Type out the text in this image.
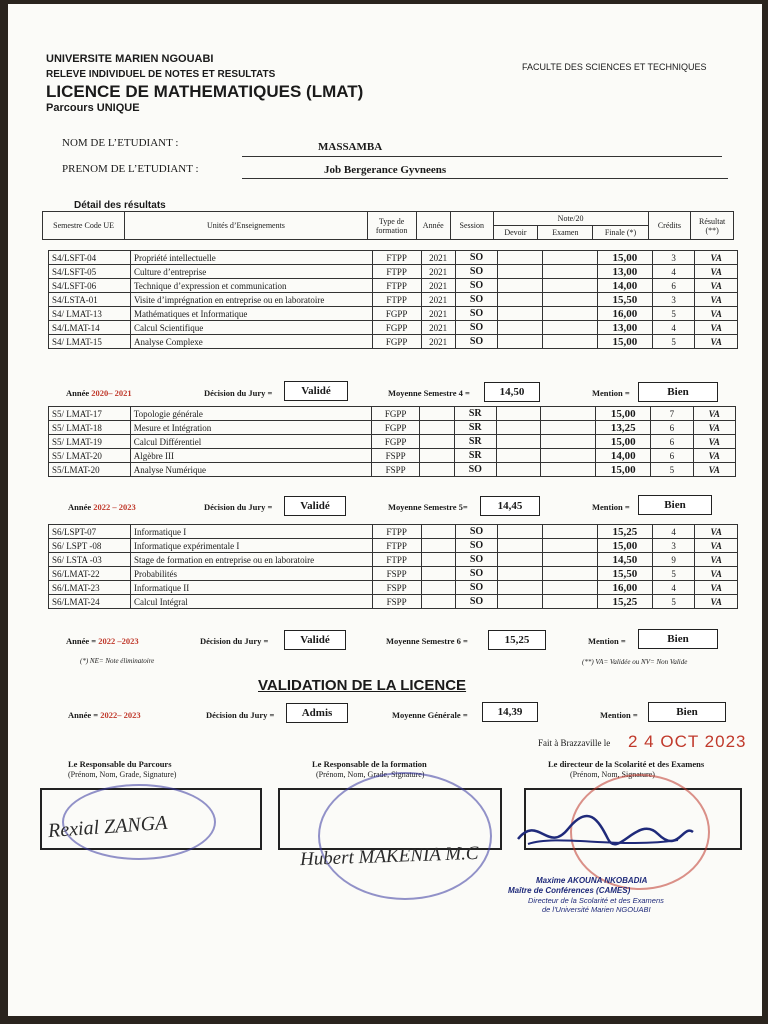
UNIVERSITE MARIEN NGOUABI
RELEVE INDIVIDUEL DE NOTES ET RESULTATS
LICENCE DE MATHEMATIQUES (LMAT)
Parcours UNIQUE
FACULTE DES SCIENCES ET TECHNIQUES
NOM DE L’ETUDIANT :	MASSAMBA
PRENOM DE L’ETUDIANT :	Job Bergerance Gyvneens
Détail des résultats
Semestre Code UE	Unités d’Enseignements	Type de formation	Année	Session	Note/20			Crédits	Résultat (**)
					Devoir	Examen	Finale (*)		
S4/LSFT-04	Propriété intellectuelle	FTPP	2021	SO			15,00	3	VA
S4/LSFT-05	Culture d’entreprise	FTPP	2021	SO			13,00	4	VA
S4/LSFT-06	Technique d’expression et communication	FTPP	2021	SO			14,00	6	VA
S4/LSTA-01	Visite d’imprégnation en entreprise ou en laboratoire	FTPP	2021	SO			15,50	3	VA
S4/ LMAT-13	Mathématiques et Informatique	FGPP	2021	SO			16,00	5	VA
S4/LMAT-14	Calcul Scientifique	FGPP	2021	SO			13,00	4	VA
S4/ LMAT-15	Analyse Complexe	FGPP	2021	SO			15,00	5	VA
Année 2020– 2021	Décision du Jury =	Validé	Moyenne Semestre 4 =	14,50	Mention =	Bien
S5/ LMAT-17	Topologie générale	FGPP		SR			15,00	7	VA
S5/ LMAT-18	Mesure et Intégration	FGPP		SR			13,25	6	VA
S5/ LMAT-19	Calcul Différentiel	FGPP		SR			15,00	6	VA
S5/ LMAT-20	Algèbre III	FSPP		SR			14,00	6	VA
S5/LMAT-20	Analyse Numérique	FSPP		SO			15,00	5	VA
Année 2022 – 2023	Décision du Jury =	Validé	Moyenne Semestre 5=	14,45	Mention =	Bien
S6/LSPT-07	Informatique I	FTPP		SO			15,25	4	VA
S6/ LSPT -08	Informatique expérimentale I	FTPP		SO			15,00	3	VA
S6/ LSTA -03	Stage de formation en entreprise ou en laboratoire	FTPP		SO			14,50	9	VA
S6/LMAT-22	Probabilités	FSPP		SO			15,50	5	VA
S6/LMAT-23	Informatique II	FSPP		SO			16,00	4	VA
S6/LMAT-24	Calcul Intégral	FSPP		SO			15,25	5	VA
Année = 2022 –2023	Décision du Jury =	Validé	Moyenne Semestre 6 =	15,25	Mention =	Bien
(*) NE= Note éliminatoire	(**) VA= Validée ou NV= Non Valide
VALIDATION DE LA LICENCE
Année = 2022– 2023	Décision du Jury =	Admis	Moyenne Générale =	14,39	Mention =	Bien
Fait à Brazzaville le 2 4 OCT 2023
Le Responsable du Parcours
(Prénom, Nom, Grade, Signature)
Le Responsable de la formation
(Prénom, Nom, Grade, Signature)
Le directeur de la Scolarité et des Examens
(Prénom, Nom, Signature)
Rexial ZANGA
Hubert MAKENIA M.C
Maxime AKOUNA NKOBADIA
Maître de Conférences (CAMES)
Directeur de la Scolarité et des Examens
de l'Université Marien NGOUABI
